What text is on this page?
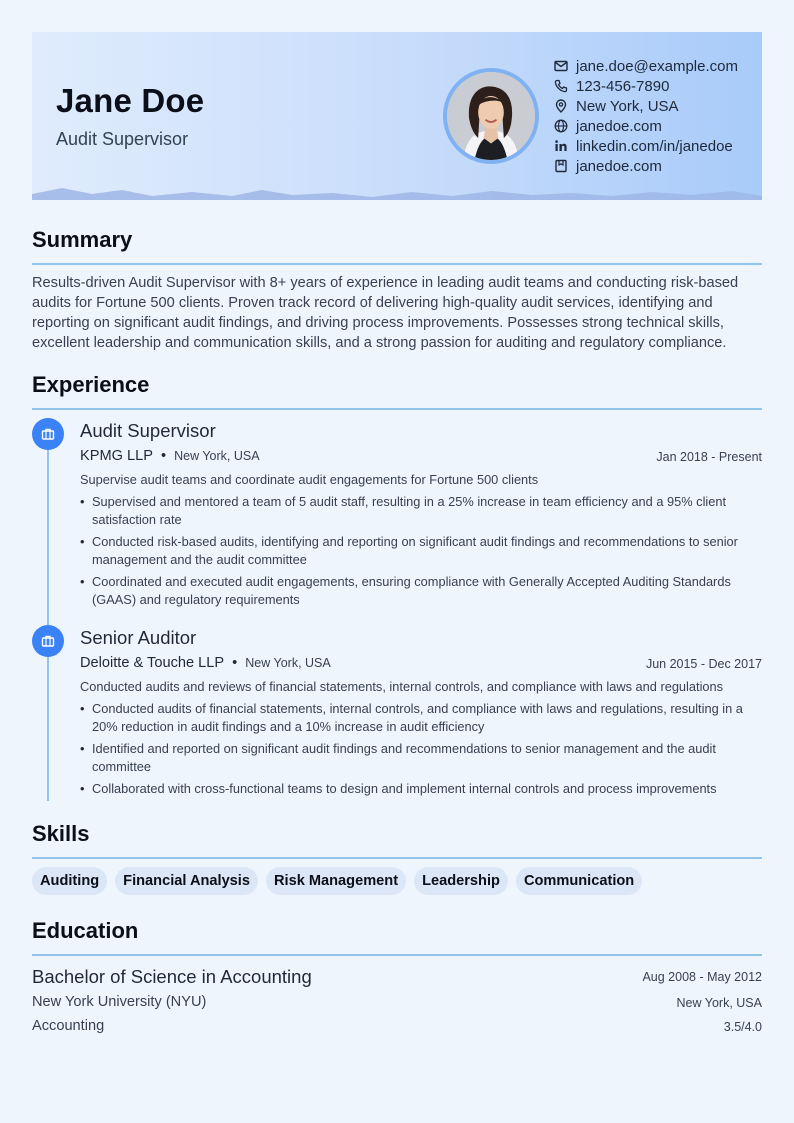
Jane Doe
Audit Supervisor
jane.doe@example.com
123-456-7890
New York, USA
janedoe.com
linkedin.com/in/janedoe
janedoe.com
Summary
Results-driven Audit Supervisor with 8+ years of experience in leading audit teams and conducting risk-based audits for Fortune 500 clients. Proven track record of delivering high-quality audit services, identifying and reporting on significant audit findings, and driving process improvements. Possesses strong technical skills, excellent leadership and communication skills, and a strong passion for auditing and regulatory compliance.
Experience
Audit Supervisor
KPMG LLP • New York, USA	Jan 2018 - Present
Supervise audit teams and coordinate audit engagements for Fortune 500 clients
• Supervised and mentored a team of 5 audit staff, resulting in a 25% increase in team efficiency and a 95% client satisfaction rate
• Conducted risk-based audits, identifying and reporting on significant audit findings and recommendations to senior management and the audit committee
• Coordinated and executed audit engagements, ensuring compliance with Generally Accepted Auditing Standards (GAAS) and regulatory requirements
Senior Auditor
Deloitte & Touche LLP • New York, USA	Jun 2015 - Dec 2017
Conducted audits and reviews of financial statements, internal controls, and compliance with laws and regulations
• Conducted audits of financial statements, internal controls, and compliance with laws and regulations, resulting in a 20% reduction in audit findings and a 10% increase in audit efficiency
• Identified and reported on significant audit findings and recommendations to senior management and the audit committee
• Collaborated with cross-functional teams to design and implement internal controls and process improvements
Skills
Auditing	Financial Analysis	Risk Management	Leadership	Communication
Education
Bachelor of Science in Accounting	Aug 2008 - May 2012
New York University (NYU)	New York, USA
Accounting	3.5/4.0
